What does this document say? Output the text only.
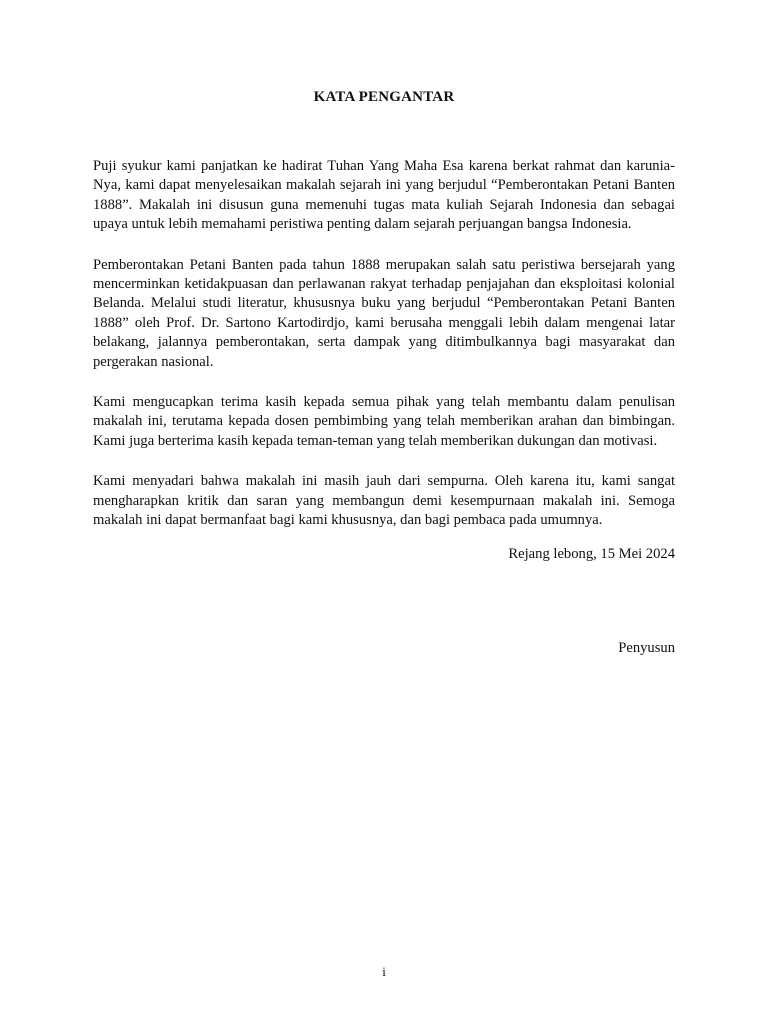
KATA PENGANTAR

Puji syukur kami panjatkan ke hadirat Tuhan Yang Maha Esa karena berkat rahmat dan karunia-Nya, kami dapat menyelesaikan makalah sejarah ini yang berjudul “Pemberontakan Petani Banten 1888”. Makalah ini disusun guna memenuhi tugas mata kuliah Sejarah Indonesia dan sebagai upaya untuk lebih memahami peristiwa penting dalam sejarah perjuangan bangsa Indonesia.

Pemberontakan Petani Banten pada tahun 1888 merupakan salah satu peristiwa bersejarah yang mencerminkan ketidakpuasan dan perlawanan rakyat terhadap penjajahan dan eksploitasi kolonial Belanda. Melalui studi literatur, khususnya buku yang berjudul “Pemberontakan Petani Banten 1888” oleh Prof. Dr. Sartono Kartodirdjo, kami berusaha menggali lebih dalam mengenai latar belakang, jalannya pemberontakan, serta dampak yang ditimbulkannya bagi masyarakat dan pergerakan nasional.

Kami mengucapkan terima kasih kepada semua pihak yang telah membantu dalam penulisan makalah ini, terutama kepada dosen pembimbing yang telah memberikan arahan dan bimbingan. Kami juga berterima kasih kepada teman-teman yang telah memberikan dukungan dan motivasi.

Kami menyadari bahwa makalah ini masih jauh dari sempurna. Oleh karena itu, kami sangat mengharapkan kritik dan saran yang membangun demi kesempurnaan makalah ini. Semoga makalah ini dapat bermanfaat bagi kami khususnya, dan bagi pembaca pada umumnya.

Rejang lebong, 15 Mei 2024
Penyusun
i
